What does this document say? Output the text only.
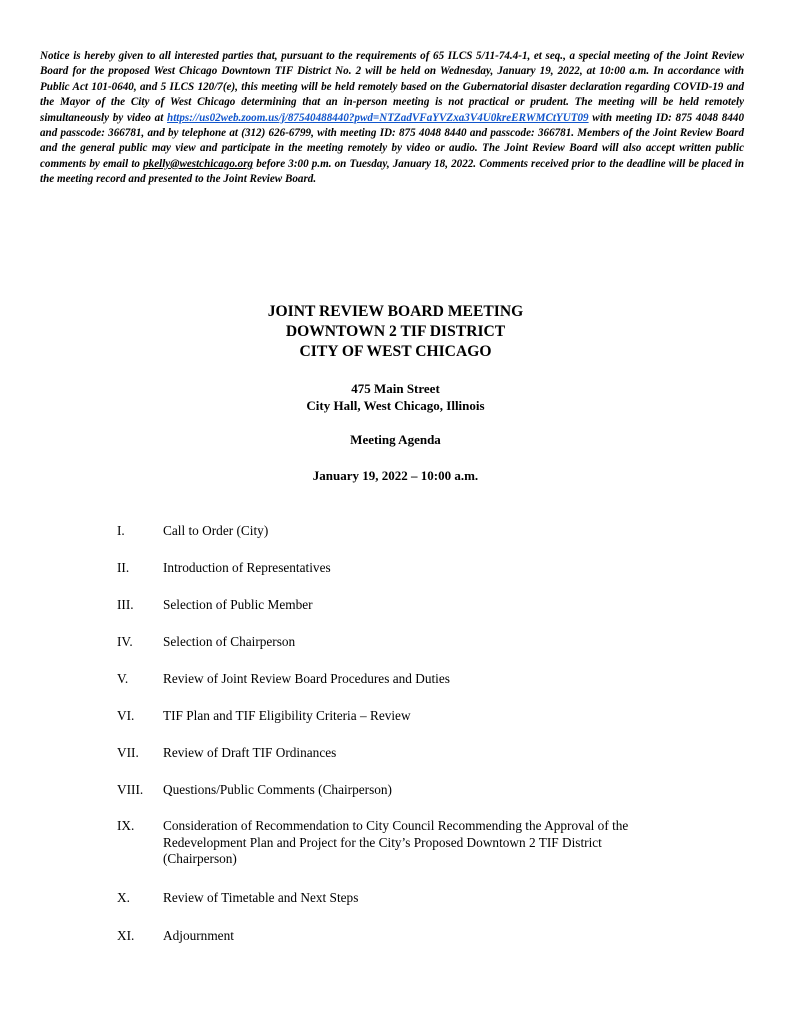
Notice is hereby given to all interested parties that, pursuant to the requirements of 65 ILCS 5/11-74.4-1, et seq., a special meeting of the Joint Review Board for the proposed West Chicago Downtown TIF District No. 2 will be held on Wednesday, January 19, 2022, at 10:00 a.m. In accordance with Public Act 101-0640, and 5 ILCS 120/7(e), this meeting will be held remotely based on the Gubernatorial disaster declaration regarding COVID-19 and the Mayor of the City of West Chicago determining that an in-person meeting is not practical or prudent. The meeting will be held remotely simultaneously by video at https://us02web.zoom.us/j/87540488440?pwd=NTZadVFaYVZxa3V4U0kreERWMCtYUT09 with meeting ID: 875 4048 8440 and passcode: 366781, and by telephone at (312) 626-6799, with meeting ID: 875 4048 8440 and passcode: 366781. Members of the Joint Review Board and the general public may view and participate in the meeting remotely by video or audio. The Joint Review Board will also accept written public comments by email to pkelly@westchicago.org before 3:00 p.m. on Tuesday, January 18, 2022. Comments received prior to the deadline will be placed in the meeting record and presented to the Joint Review Board.
JOINT REVIEW BOARD MEETING
DOWNTOWN 2 TIF DISTRICT
CITY OF WEST CHICAGO
475 Main Street
City Hall, West Chicago, Illinois
Meeting Agenda
January 19, 2022 – 10:00 a.m.
I.	Call to Order (City)
II.	Introduction of Representatives
III.	Selection of Public Member
IV.	Selection of Chairperson
V.	Review of Joint Review Board Procedures and Duties
VI.	TIF Plan and TIF Eligibility Criteria – Review
VII.	Review of Draft TIF Ordinances
VIII.	Questions/Public Comments (Chairperson)
IX.	Consideration of Recommendation to City Council Recommending the Approval of the Redevelopment Plan and Project for the City’s Proposed Downtown 2 TIF District (Chairperson)
X.	Review of Timetable and Next Steps
XI.	Adjournment
